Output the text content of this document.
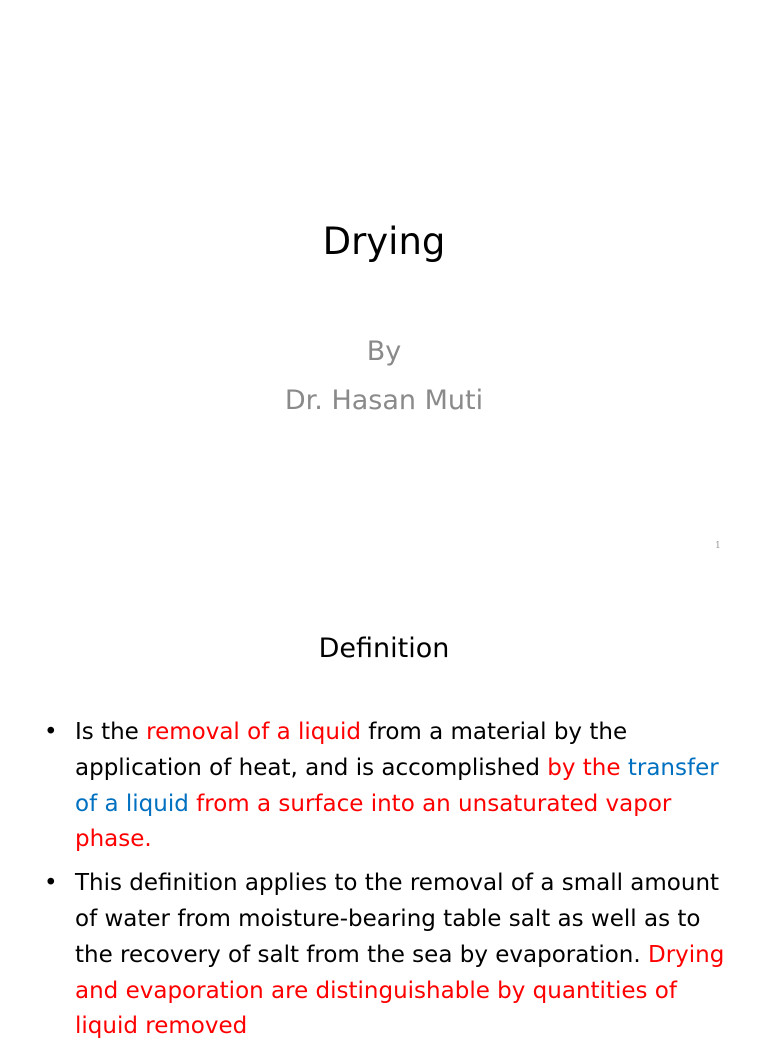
Drying
By
Dr. Hasan Muti
1
Definition
• Is the removal of a liquid from a material by the application of heat, and is accomplished by the transfer of a liquid from a surface into an unsaturated vapor phase.
• This definition applies to the removal of a small amount of water from moisture-bearing table salt as well as to the recovery of salt from the sea by evaporation. Drying and evaporation are distinguishable by quantities of liquid removed
